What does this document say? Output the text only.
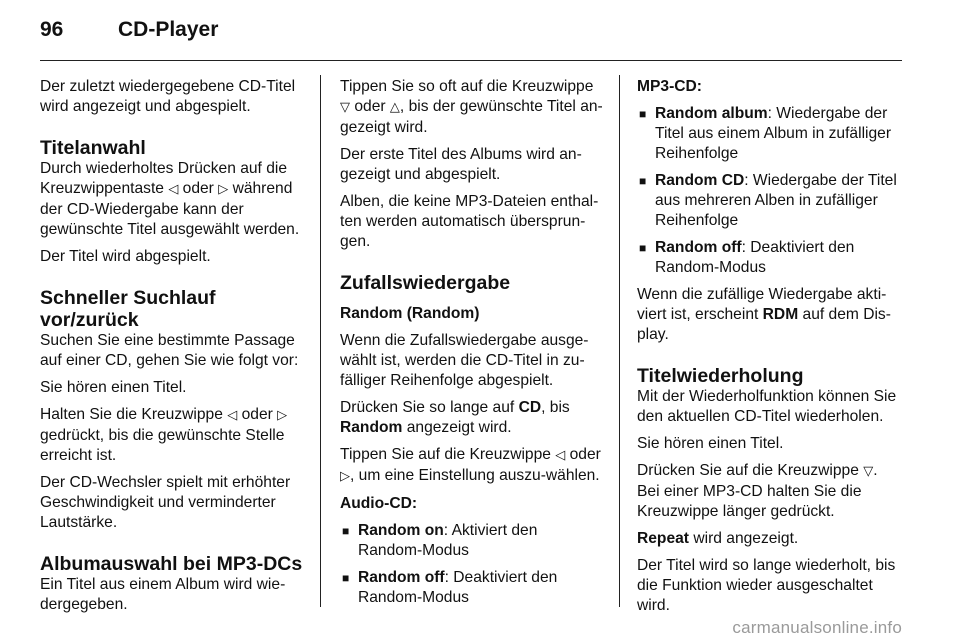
96	CD-Player

Der zuletzt wiedergegebene CD-Titel wird angezeigt und abgespielt.

Titelanwahl

Durch wiederholtes Drücken auf die Kreuzwippentaste ◁ oder ▷ während der CD-Wiedergabe kann der gewünschte Titel ausgewählt werden.

Der Titel wird abgespielt.

Schneller Suchlauf vor/zurück

Suchen Sie eine bestimmte Passage auf einer CD, gehen Sie wie folgt vor:

Sie hören einen Titel.

Halten Sie die Kreuzwippe ◁ oder ▷ gedrückt, bis die gewünschte Stelle erreicht ist.

Der CD-Wechsler spielt mit erhöhter Geschwindigkeit und verminderter Lautstärke.

Albumauswahl bei MP3-DCs

Ein Titel aus einem Album wird wie-dergegeben.

Tippen Sie so oft auf die Kreuzwippe ▽ oder △, bis der gewünschte Titel an-gezeigt wird.

Der erste Titel des Albums wird an-gezeigt und abgespielt.

Alben, die keine MP3-Dateien enthal-ten werden automatisch übersprun-gen.

Zufallswiedergabe

Random (Random)

Wenn die Zufallswiedergabe ausge-wählt ist, werden die CD-Titel in zu-fälliger Reihenfolge abgespielt.

Drücken Sie so lange auf CD, bis Random angezeigt wird.

Tippen Sie auf die Kreuzwippe ◁ oder ▷, um eine Einstellung auszu-wählen.

Audio-CD:

■ Random on: Aktiviert den Random-Modus
■ Random off: Deaktiviert den Random-Modus

MP3-CD:

■ Random album: Wiedergabe der Titel aus einem Album in zufälliger Reihenfolge
■ Random CD: Wiedergabe der Titel aus mehreren Alben in zufälliger Reihenfolge
■ Random off: Deaktiviert den Random-Modus

Wenn die zufällige Wiedergabe akti-viert ist, erscheint RDM auf dem Dis-play.

Titelwiederholung

Mit der Wiederholfunktion können Sie den aktuellen CD-Titel wiederholen.

Sie hören einen Titel.

Drücken Sie auf die Kreuzwippe ▽. Bei einer MP3-CD halten Sie die Kreuzwippe länger gedrückt.

Repeat wird angezeigt.

Der Titel wird so lange wiederholt, bis die Funktion wieder ausgeschaltet wird.

carmanualsonline.info
